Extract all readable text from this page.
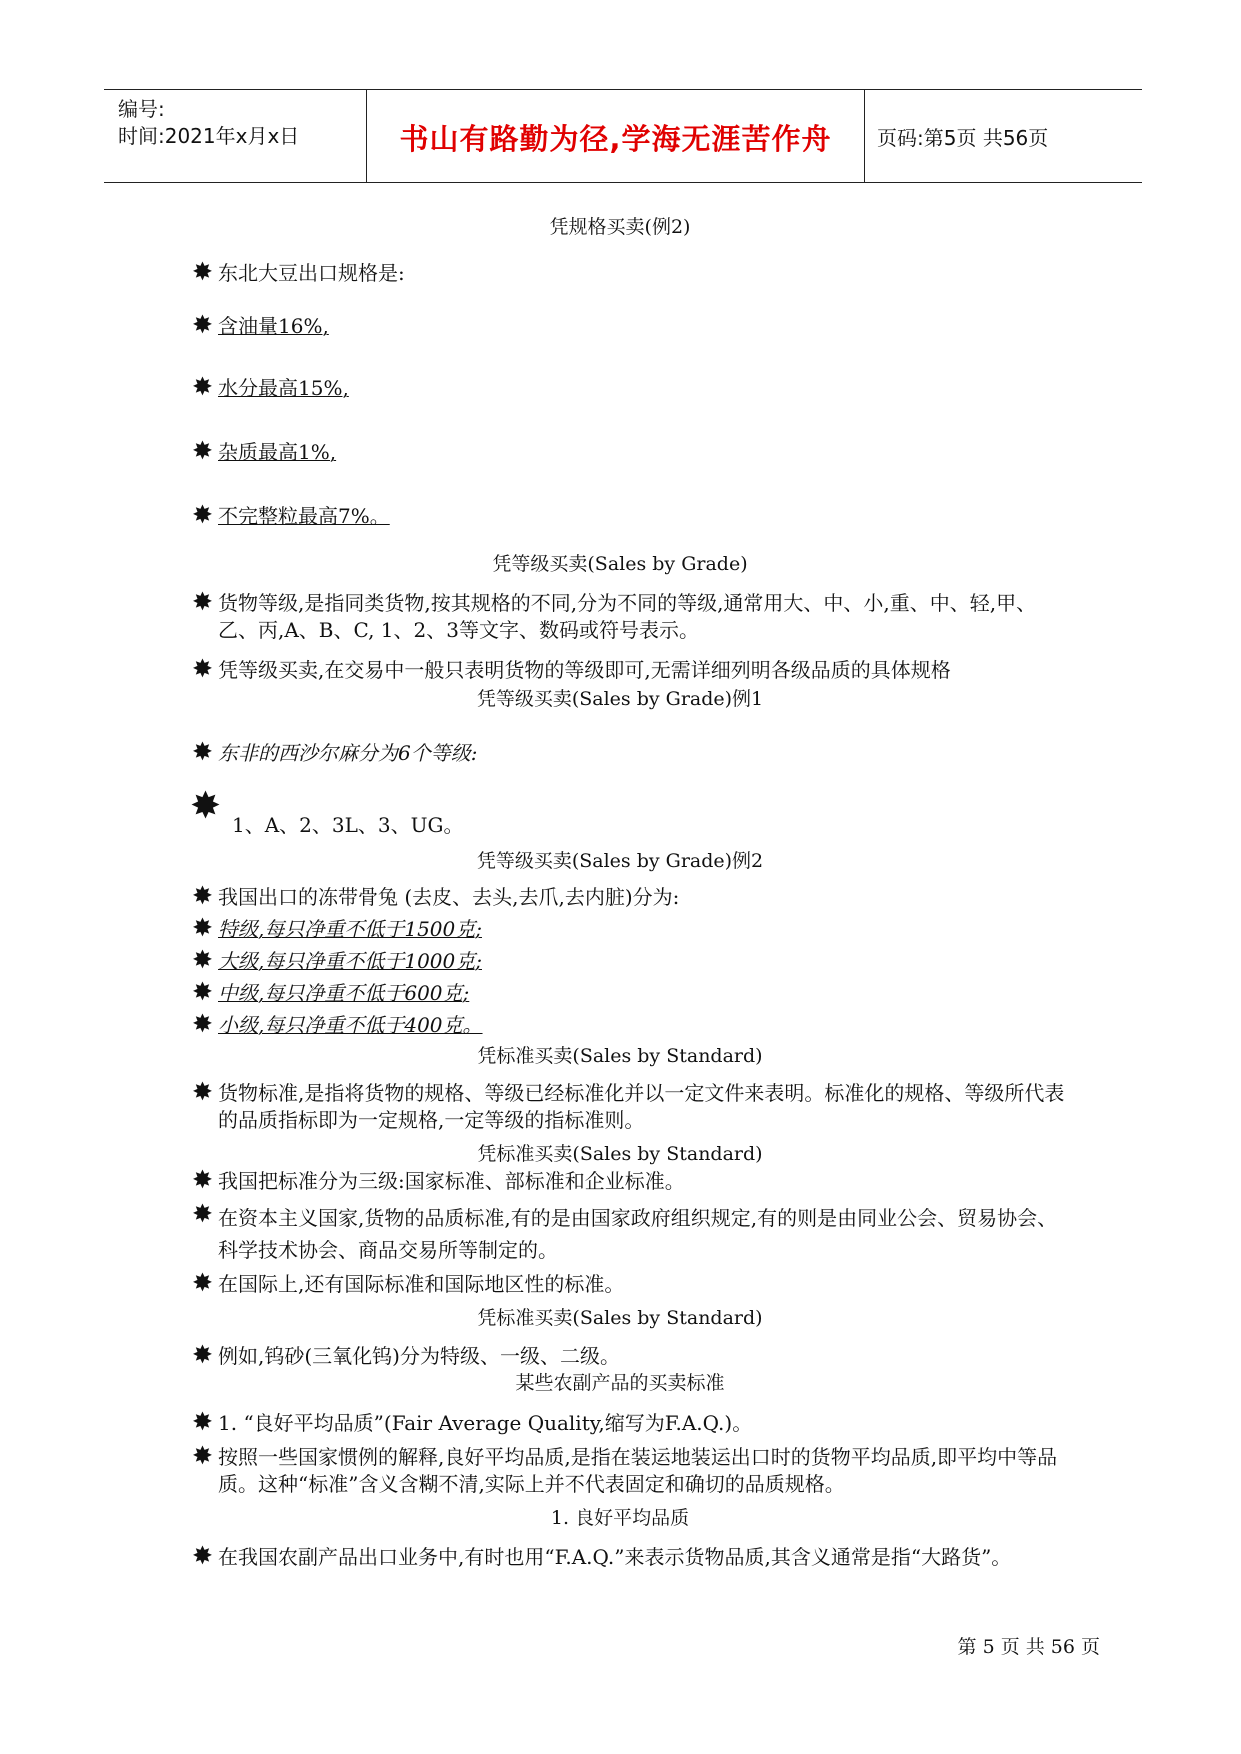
编号:
时间:2021年x月x日	书山有路勤为径,学海无涯苦作舟	页码:第5页 共56页
凭规格买卖(例2)
✸ 东北大豆出口规格是:
✸ 含油量16%,
✸ 水分最高15%,
✸ 杂质最高1%,
✸ 不完整粒最高7%。
凭等级买卖(Sales by Grade)
✸ 货物等级,是指同类货物,按其规格的不同,分为不同的等级,通常用大、中、小,重、中、轻,甲、乙、丙,A、B、C, 1、2、3等文字、数码或符号表示。
✸ 凭等级买卖,在交易中一般只表明货物的等级即可,无需详细列明各级品质的具体规格
凭等级买卖(Sales by Grade)例1
✸ 东非的西沙尔麻分为6个等级:
✸ 1、A、2、3L、3、UG。
凭等级买卖(Sales by Grade)例2
✸ 我国出口的冻带骨兔 (去皮、去头,去爪,去内脏)分为:
✸ 特级,每只净重不低于1500克;
✸ 大级,每只净重不低于1000克;
✸ 中级,每只净重不低于600克;
✸ 小级,每只净重不低于400克。
凭标准买卖(Sales by Standard)
✸ 货物标准,是指将货物的规格、等级已经标准化并以一定文件来表明。标准化的规格、等级所代表的品质指标即为一定规格,一定等级的指标准则。
凭标准买卖(Sales by Standard)
✸ 我国把标准分为三级:国家标准、部标准和企业标准。
✸ 在资本主义国家,货物的品质标准,有的是由国家政府组织规定,有的则是由同业公会、贸易协会、科学技术协会、商品交易所等制定的。
✸ 在国际上,还有国际标准和国际地区性的标准。
凭标准买卖(Sales by Standard)
✸ 例如,钨砂(三氧化钨)分为特级、一级、二级。
某些农副产品的买卖标准
✸ 1. “良好平均品质”(Fair Average Quality,缩写为F.A.Q.)。
✸ 按照一些国家惯例的解释,良好平均品质,是指在装运地装运出口时的货物平均品质,即平均中等品质。这种“标准”含义含糊不清,实际上并不代表固定和确切的品质规格。
1. 良好平均品质
✸ 在我国农副产品出口业务中,有时也用“F.A.Q.”来表示货物品质,其含义通常是指“大路货”。
第 5 页 共 56 页
